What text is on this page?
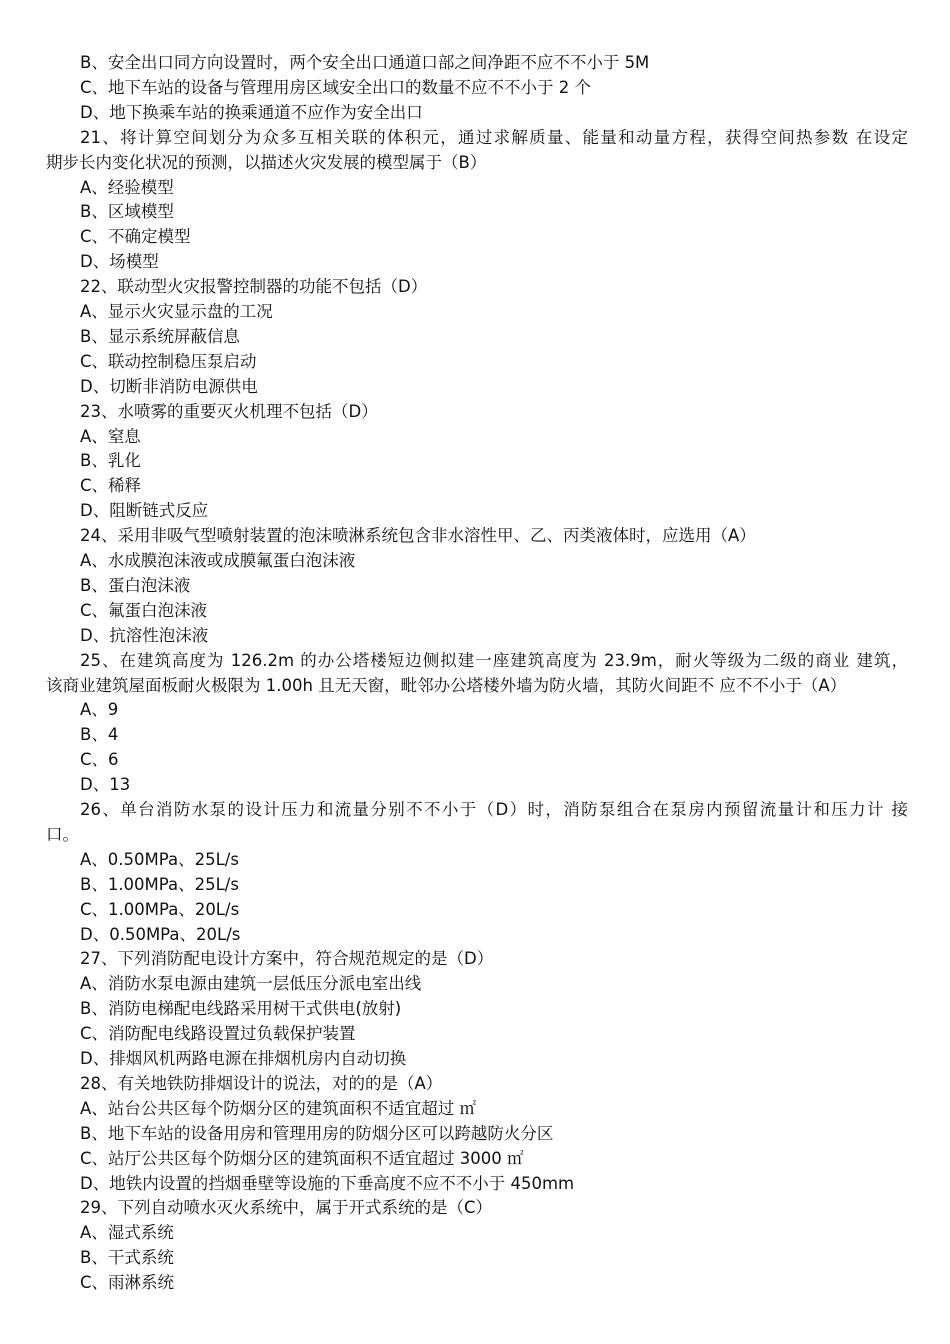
B、安全出口同方向设置时，两个安全出口通道口部之间净距不应不不小于 5M
C、地下车站的设备与管理用房区域安全出口的数量不应不不小于 2 个
D、地下换乘车站的换乘通道不应作为安全出口
21、将计算空间划分为众多互相关联的体积元，通过求解质量、能量和动量方程，获得空间热参数 在设定
期步长内变化状况的预测，以描述火灾发展的模型属于（B）
A、经验模型
B、区域模型
C、不确定模型
D、场模型
22、联动型火灾报警控制器的功能不包括（D）
A、显示火灾显示盘的工况
B、显示系统屏蔽信息
C、联动控制稳压泵启动
D、切断非消防电源供电
23、水喷雾的重要灭火机理不包括（D）
A、窒息
B、乳化
C、稀释
D、阻断链式反应
24、采用非吸气型喷射装置的泡沫喷淋系统包含非水溶性甲、乙、丙类液体时，应选用（A）
A、水成膜泡沫液或成膜氟蛋白泡沫液
B、蛋白泡沫液
C、氟蛋白泡沫液
D、抗溶性泡沫液
25、在建筑高度为 126.2m 的办公塔楼短边侧拟建一座建筑高度为 23.9m，耐火等级为二级的商业 建筑，
该商业建筑屋面板耐火极限为 1.00h 且无天窗，毗邻办公塔楼外墙为防火墙，其防火间距不 应不不小于（A）
A、9
B、4
C、6
D、13
26、单台消防水泵的设计压力和流量分别不不小于（D）时，消防泵组合在泵房内预留流量计和压力计 接
口。
A、0.50MPa、25L/s
B、1.00MPa、25L/s
C、1.00MPa、20L/s
D、0.50MPa、20L/s
27、下列消防配电设计方案中，符合规范规定的是（D）
A、消防水泵电源由建筑一层低压分派电室出线
B、消防电梯配电线路采用树干式供电(放射)
C、消防配电线路设置过负载保护装置
D、排烟风机两路电源在排烟机房内自动切换
28、有关地铁防排烟设计的说法，对的的是（A）
A、站台公共区每个防烟分区的建筑面积不适宜超过 ㎡
B、地下车站的设备用房和管理用房的防烟分区可以跨越防火分区
C、站厅公共区每个防烟分区的建筑面积不适宜超过 3000 ㎡
D、地铁内设置的挡烟垂壁等设施的下垂高度不应不不小于 450mm
29、下列自动喷水灭火系统中，属于开式系统的是（C）
A、湿式系统
B、干式系统
C、雨淋系统
